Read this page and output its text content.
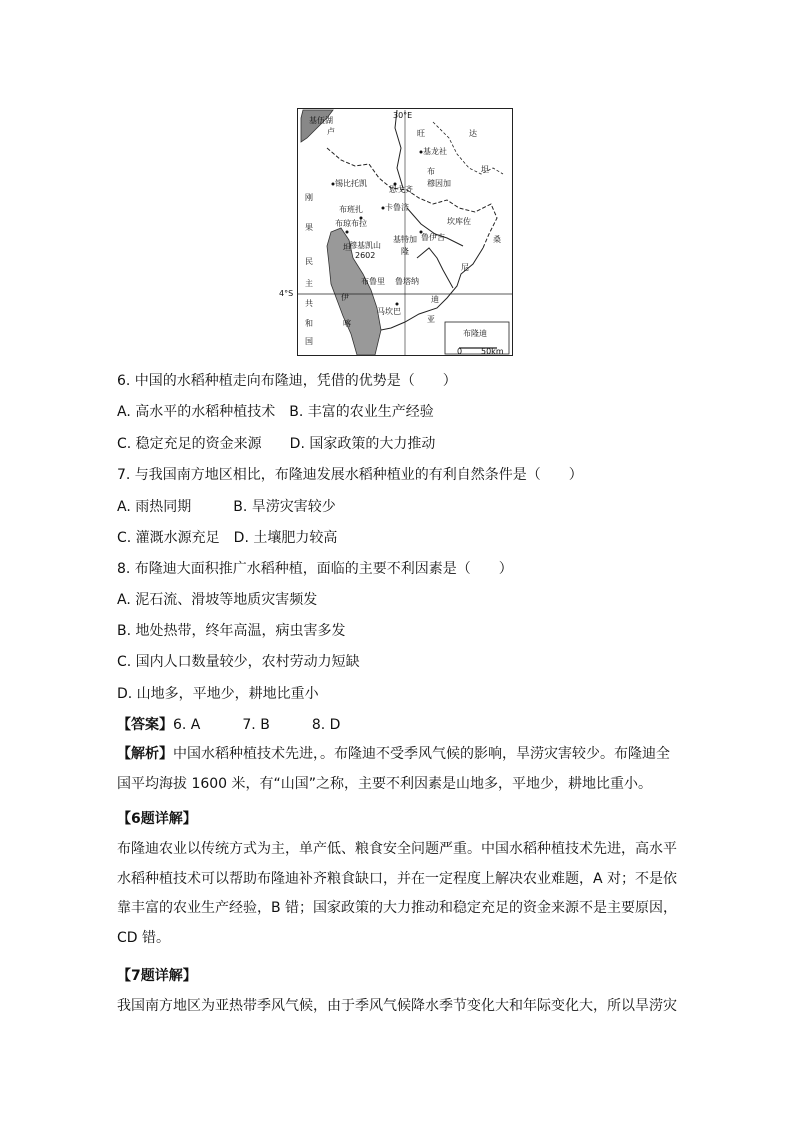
基伍湖
30°E
卢	旺	达
基龙社
坦
布
穆因加
锡比托凯
刚
恩戈齐
布班扎	卡鲁济
坎库佐
桑
布琼布拉
果
基特加
隆
鲁伊吉
坦
穆基凯山
2602
民
尼
主	布鲁里 鲁塔纳
4°S
共
伊	迪
马坎巴
和	喀	亚
国
布隆迪
0 50km
6. 中国的水稻种植走向布隆迪，凭借的优势是（　　）
A. 高水平的水稻种植技术　B. 丰富的农业生产经验
C. 稳定充足的资金来源　　D. 国家政策的大力推动
7. 与我国南方地区相比，布隆迪发展水稻种植业的有利自然条件是（　　）
A. 雨热同期　　　B. 旱涝灾害较少
C. 灌溉水源充足　D. 土壤肥力较高
8. 布隆迪大面积推广水稻种植，面临的主要不利因素是（　　）
A. 泥石流、滑坡等地质灾害频发
B. 地处热带，终年高温，病虫害多发
C. 国内人口数量较少，农村劳动力短缺
D. 山地多，平地少，耕地比重小
【答案】6. A	7. B	8. D
【解析】中国水稻种植技术先进，。布隆迪不受季风气候的影响，旱涝灾害较少。布隆迪全国平均海拔 1600 米，有“山国”之称，主要不利因素是山地多，平地少，耕地比重小。
【6题详解】
布隆迪农业以传统方式为主，单产低、粮食安全问题严重。中国水稻种植技术先进，高水平水稻种植技术可以帮助布隆迪补齐粮食缺口，并在一定程度上解决农业难题，A 对；不是依靠丰富的农业生产经验，B 错；国家政策的大力推动和稳定充足的资金来源不是主要原因，CD 错。
【7题详解】
我国南方地区为亚热带季风气候，由于季风气候降水季节变化大和年际变化大，所以旱涝灾
